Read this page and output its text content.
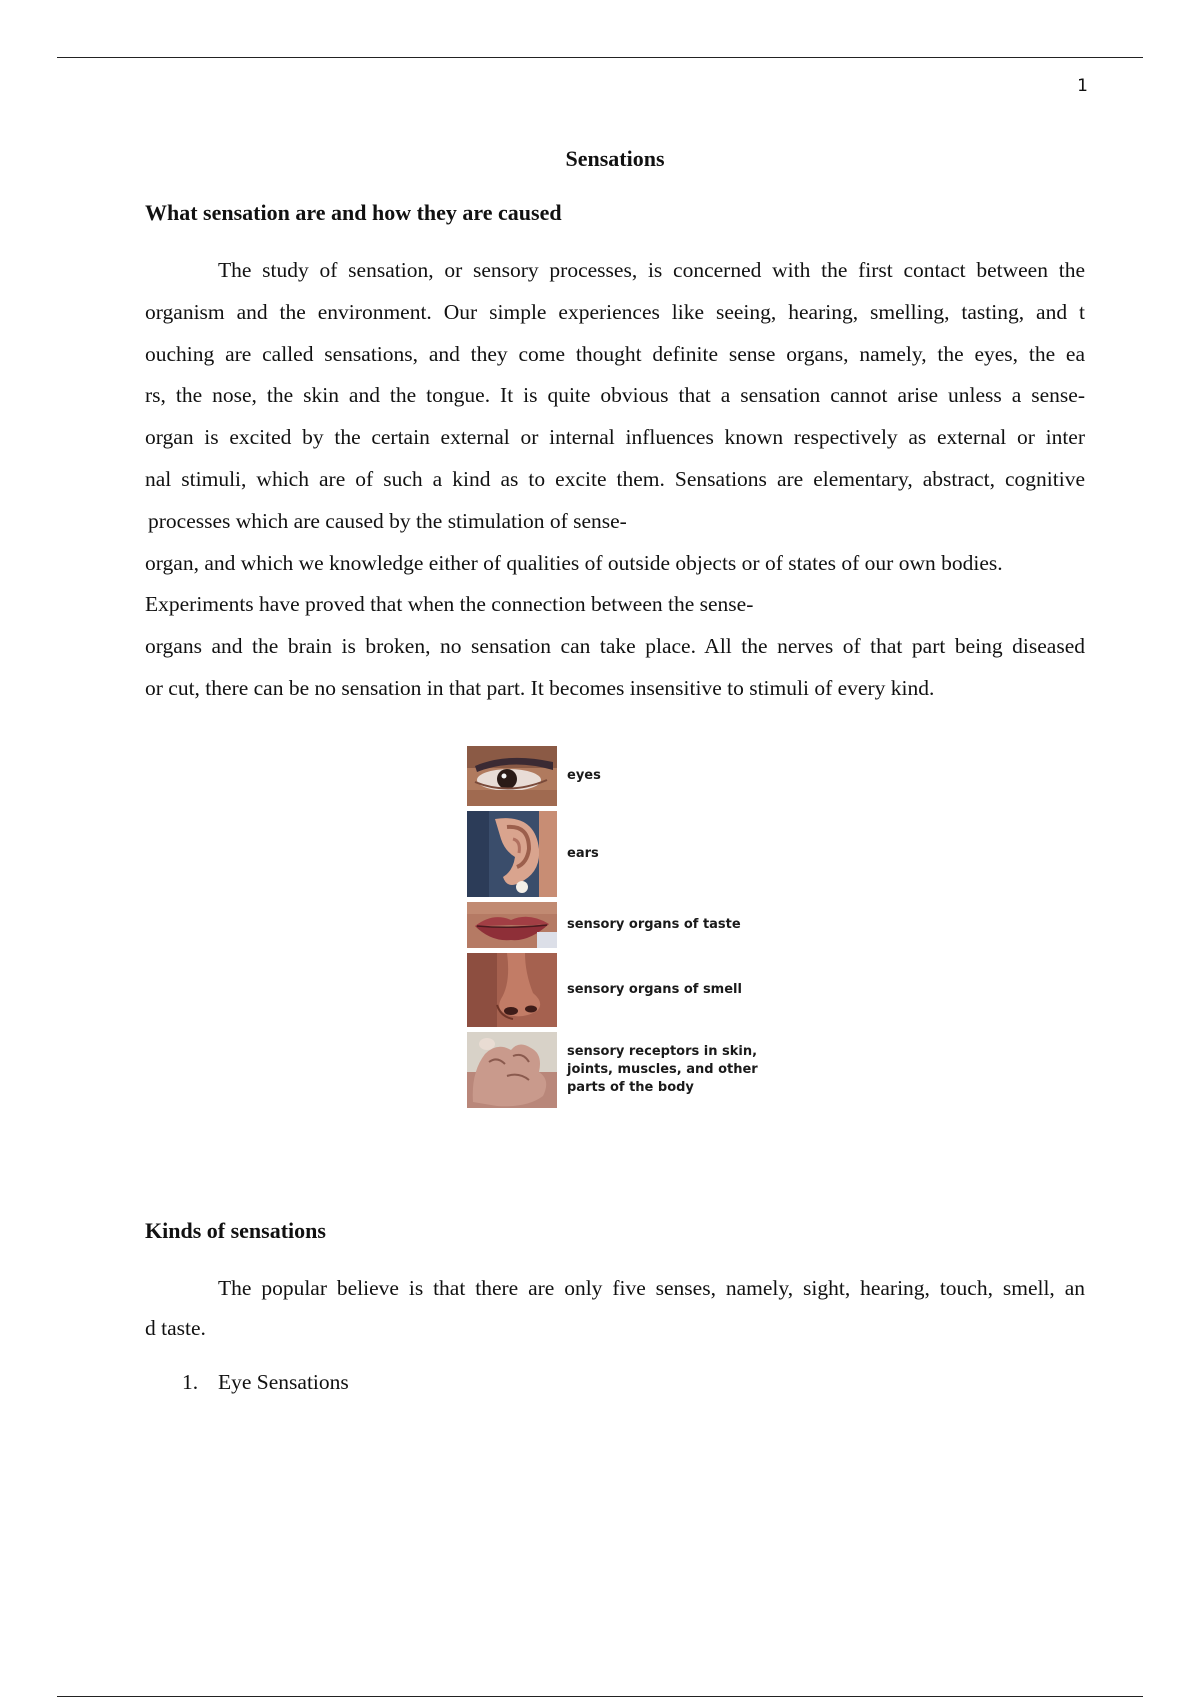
1
Sensations
What sensation are and how they are caused
The study of sensation, or sensory processes, is concerned with the first contact between the
organism and the environment. Our simple experiences like seeing, hearing, smelling, tasting, and t
ouching are called sensations, and they come thought definite sense organs, namely, the eyes, the ea
rs, the nose, the skin and the tongue. It is quite obvious that a sensation cannot arise unless a sense-
organ is excited by the certain external or internal influences known respectively as external or inter
nal stimuli, which are of such a kind as to excite them. Sensations are elementary, abstract, cognitive
processes which are caused by the stimulation of sense-
organ, and which we knowledge either of qualities of outside objects or of states of our own bodies.
Experiments have proved that when the connection between the sense-
organs and the brain is broken, no sensation can take place. All the nerves of that part being diseased
or cut, there can be no sensation in that part. It becomes insensitive to stimuli of every kind.
eyes
ears
sensory organs of taste
sensory organs of smell
sensory receptors in skin,
joints, muscles, and other
parts of the body
Kinds of sensations
The popular believe is that there are only five senses, namely, sight, hearing, touch, smell, an
d taste.
1. Eye Sensations
